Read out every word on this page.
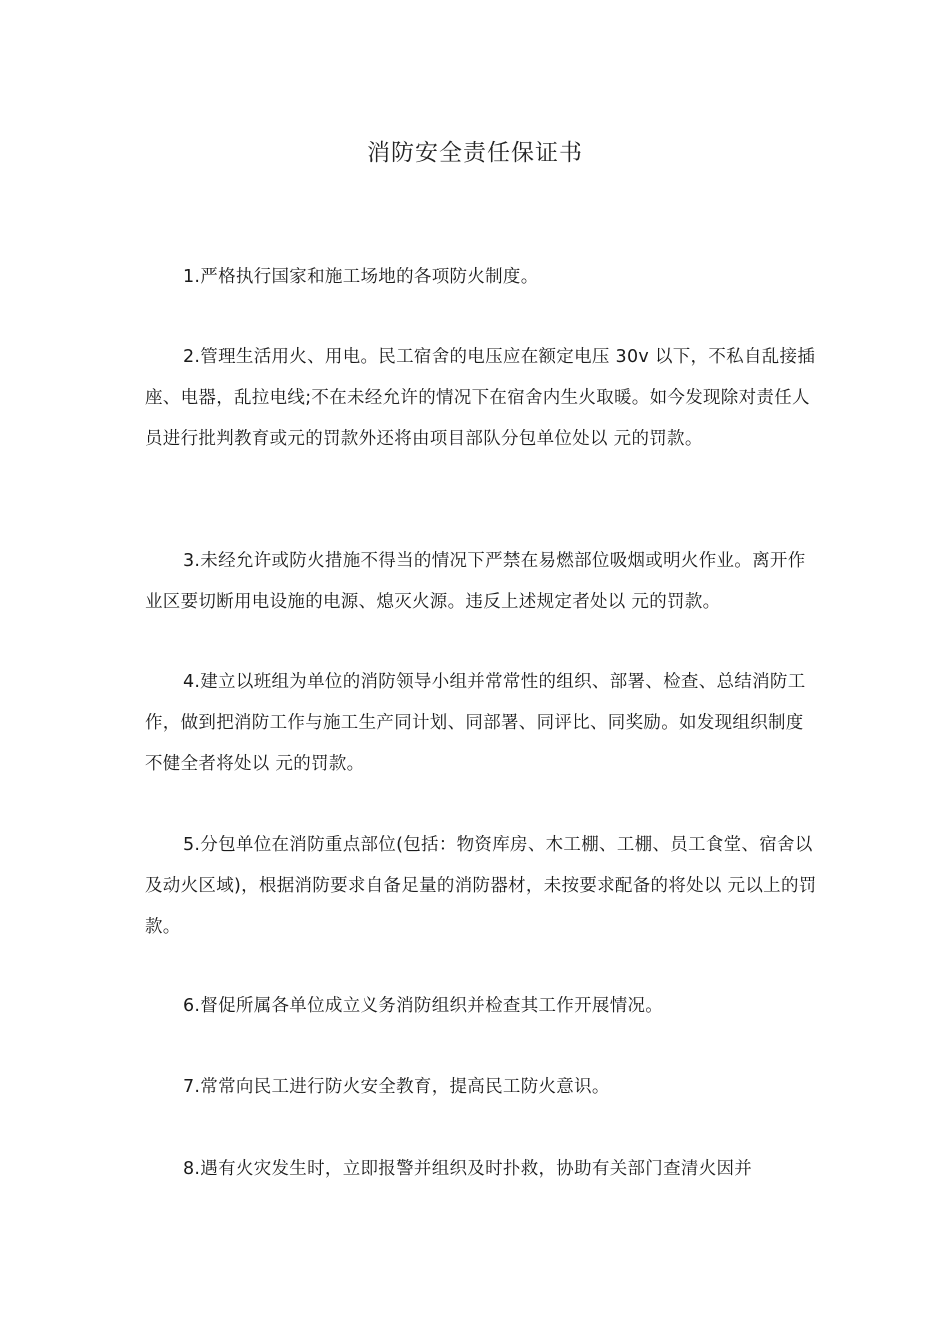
消防安全责任保证书

1.严格执行国家和施工场地的各项防火制度。

2.管理生活用火、用电。民工宿舍的电压应在额定电压 30v 以下，不私自乱接插座、电器，乱拉电线;不在未经允许的情况下在宿舍内生火取暖。如今发现除对责任人员进行批判教育或元的罚款外还将由项目部队分包单位处以 元的罚款。

3.未经允许或防火措施不得当的情况下严禁在易燃部位吸烟或明火作业。离开作业区要切断用电设施的电源、熄灭火源。违反上述规定者处以 元的罚款。

4.建立以班组为单位的消防领导小组并常常性的组织、部署、检查、总结消防工作，做到把消防工作与施工生产同计划、同部署、同评比、同奖励。如发现组织制度不健全者将处以 元的罚款。

5.分包单位在消防重点部位(包括：物资库房、木工棚、工棚、员工食堂、宿舍以及动火区域)，根据消防要求自备足量的消防器材，未按要求配备的将处以 元以上的罚款。

6.督促所属各单位成立义务消防组织并检查其工作开展情况。

7.常常向民工进行防火安全教育，提高民工防火意识。

8.遇有火灾发生时，立即报警并组织及时扑救，协助有关部门查清火因并
